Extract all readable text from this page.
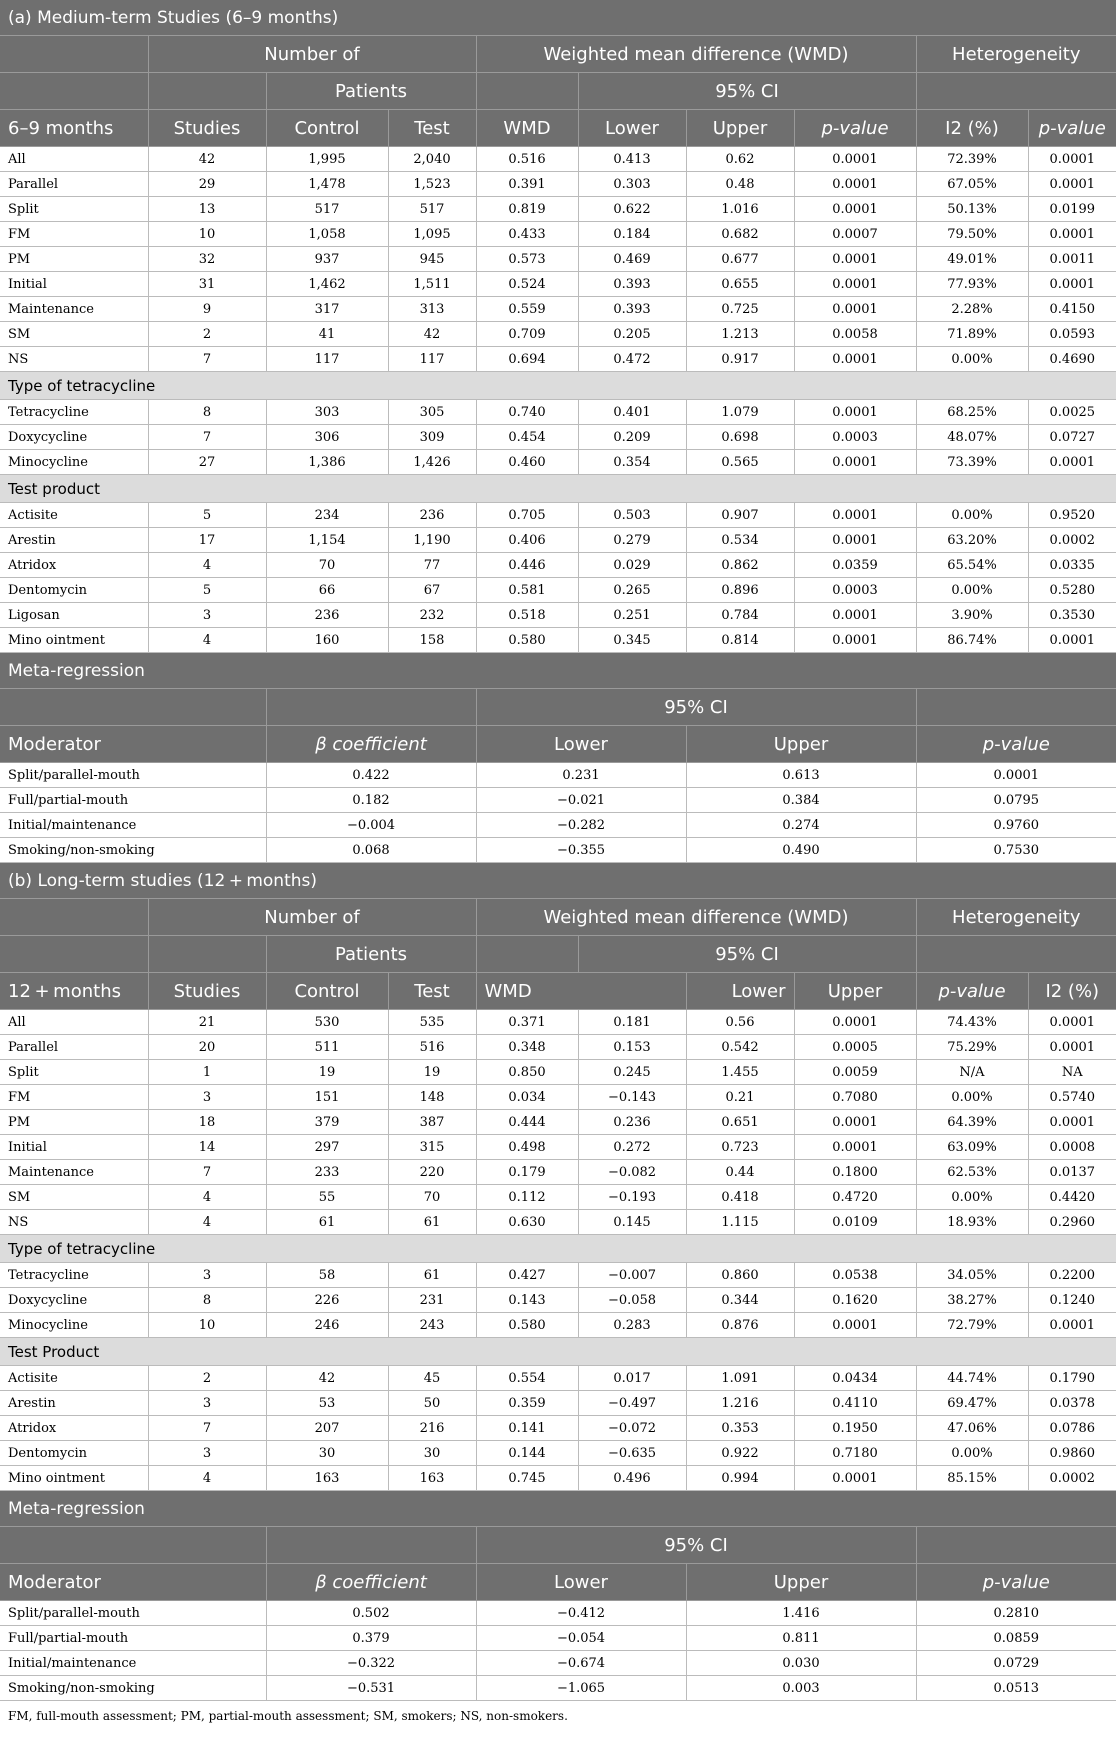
(a) Medium-term Studies (6–9 months)									
	Number of			Weighted mean difference (WMD)				Heterogeneity	
		Patients			95% CI				
6–9 months	Studies	Control	Test	WMD	Lower	Upper	p-value	I2 (%)	p-value
All	42	1,995	2,040	0.516	0.413	0.62	0.0001	72.39%	0.0001
Parallel	29	1,478	1,523	0.391	0.303	0.48	0.0001	67.05%	0.0001
Split	13	517	517	0.819	0.622	1.016	0.0001	50.13%	0.0199
FM	10	1,058	1,095	0.433	0.184	0.682	0.0007	79.50%	0.0001
PM	32	937	945	0.573	0.469	0.677	0.0001	49.01%	0.0011
Initial	31	1,462	1,511	0.524	0.393	0.655	0.0001	77.93%	0.0001
Maintenance	9	317	313	0.559	0.393	0.725	0.0001	2.28%	0.4150
SM	2	41	42	0.709	0.205	1.213	0.0058	71.89%	0.0593
NS	7	117	117	0.694	0.472	0.917	0.0001	0.00%	0.4690
Type of tetracycline									
Tetracycline	8	303	305	0.740	0.401	1.079	0.0001	68.25%	0.0025
Doxycycline	7	306	309	0.454	0.209	0.698	0.0003	48.07%	0.0727
Minocycline	27	1,386	1,426	0.460	0.354	0.565	0.0001	73.39%	0.0001
Test product									
Actisite	5	234	236	0.705	0.503	0.907	0.0001	0.00%	0.9520
Arestin	17	1,154	1,190	0.406	0.279	0.534	0.0001	63.20%	0.0002
Atridox	4	70	77	0.446	0.029	0.862	0.0359	65.54%	0.0335
Dentomycin	5	66	67	0.581	0.265	0.896	0.0003	0.00%	0.5280
Ligosan	3	236	232	0.518	0.251	0.784	0.0001	3.90%	0.3530
Mino ointment	4	160	158	0.580	0.345	0.814	0.0001	86.74%	0.0001
Meta-regression									
				95% CI					
Moderator		β coefficient		Lower		Upper		p-value	
Split/parallel-mouth		0.422		0.231		0.613		0.0001	
Full/partial-mouth		0.182		−0.021		0.384		0.0795	
Initial/maintenance		−0.004		−0.282		0.274		0.9760	
Smoking/non-smoking		0.068		−0.355		0.490		0.7530	
(b) Long-term studies (12 + months)									
	Number of			Weighted mean difference (WMD)				Heterogeneity	
		Patients			95% CI				
12 + months	Studies	Control	Test	WMD		Lower	Upper	p-value	I2 (%)
All	21	530	535	0.371	0.181	0.56	0.0001	74.43%	0.0001
Parallel	20	511	516	0.348	0.153	0.542	0.0005	75.29%	0.0001
Split	1	19	19	0.850	0.245	1.455	0.0059	N/A	NA
FM	3	151	148	0.034	−0.143	0.21	0.7080	0.00%	0.5740
PM	18	379	387	0.444	0.236	0.651	0.0001	64.39%	0.0001
Initial	14	297	315	0.498	0.272	0.723	0.0001	63.09%	0.0008
Maintenance	7	233	220	0.179	−0.082	0.44	0.1800	62.53%	0.0137
SM	4	55	70	0.112	−0.193	0.418	0.4720	0.00%	0.4420
NS	4	61	61	0.630	0.145	1.115	0.0109	18.93%	0.2960
Type of tetracycline									
Tetracycline	3	58	61	0.427	−0.007	0.860	0.0538	34.05%	0.2200
Doxycycline	8	226	231	0.143	−0.058	0.344	0.1620	38.27%	0.1240
Minocycline	10	246	243	0.580	0.283	0.876	0.0001	72.79%	0.0001
Test Product									
Actisite	2	42	45	0.554	0.017	1.091	0.0434	44.74%	0.1790
Arestin	3	53	50	0.359	−0.497	1.216	0.4110	69.47%	0.0378
Atridox	7	207	216	0.141	−0.072	0.353	0.1950	47.06%	0.0786
Dentomycin	3	30	30	0.144	−0.635	0.922	0.7180	0.00%	0.9860
Mino ointment	4	163	163	0.745	0.496	0.994	0.0001	85.15%	0.0002
Meta-regression									
				95% CI					
Moderator		β coefficient		Lower		Upper		p-value	
Split/parallel-mouth		0.502		−0.412		1.416		0.2810	
Full/partial-mouth		0.379		−0.054		0.811		0.0859	
Initial/maintenance		−0.322		−0.674		0.030		0.0729	
Smoking/non-smoking		−0.531		−1.065		0.003		0.0513	
FM, full-mouth assessment; PM, partial-mouth assessment; SM, smokers; NS, non-smokers.
